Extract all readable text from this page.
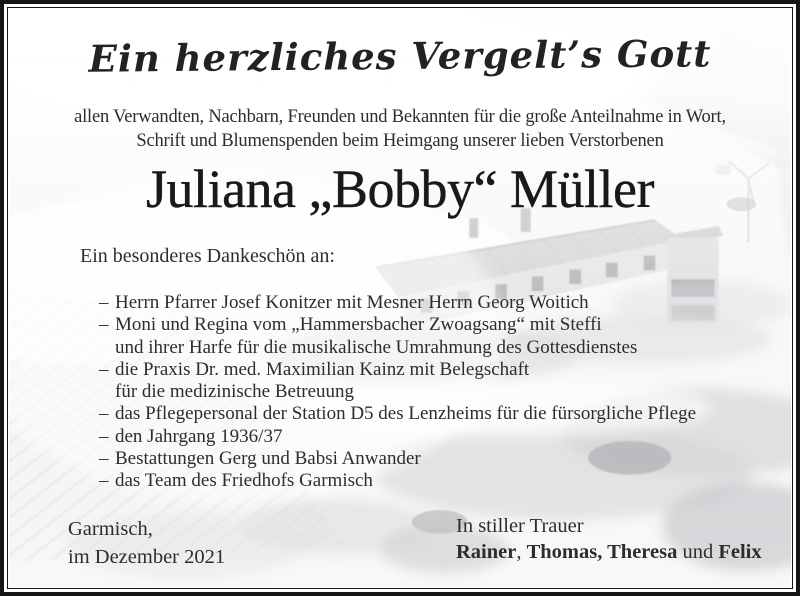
Ein herzliches Vergelt’s Gott
allen Verwandten, Nachbarn, Freunden und Bekannten für die große Anteilnahme in Wort,
Schrift und Blumenspenden beim Heimgang unserer lieben Verstorbenen
Juliana „Bobby“ Müller
Ein besonderes Dankeschön an:
– Herrn Pfarrer Josef Konitzer mit Mesner Herrn Georg Woitich
– Moni und Regina vom „Hammersbacher Zwoagsang“ mit Steffi
und ihrer Harfe für die musikalische Umrahmung des Gottesdienstes
– die Praxis Dr. med. Maximilian Kainz mit Belegschaft
für die medizinische Betreuung
– das Pflegepersonal der Station D5 des Lenzheims für die fürsorgliche Pflege
– den Jahrgang 1936/37
– Bestattungen Gerg und Babsi Anwander
– das Team des Friedhofs Garmisch
Garmisch,
im Dezember 2021
In stiller Trauer
Rainer, Thomas, Theresa und Felix
